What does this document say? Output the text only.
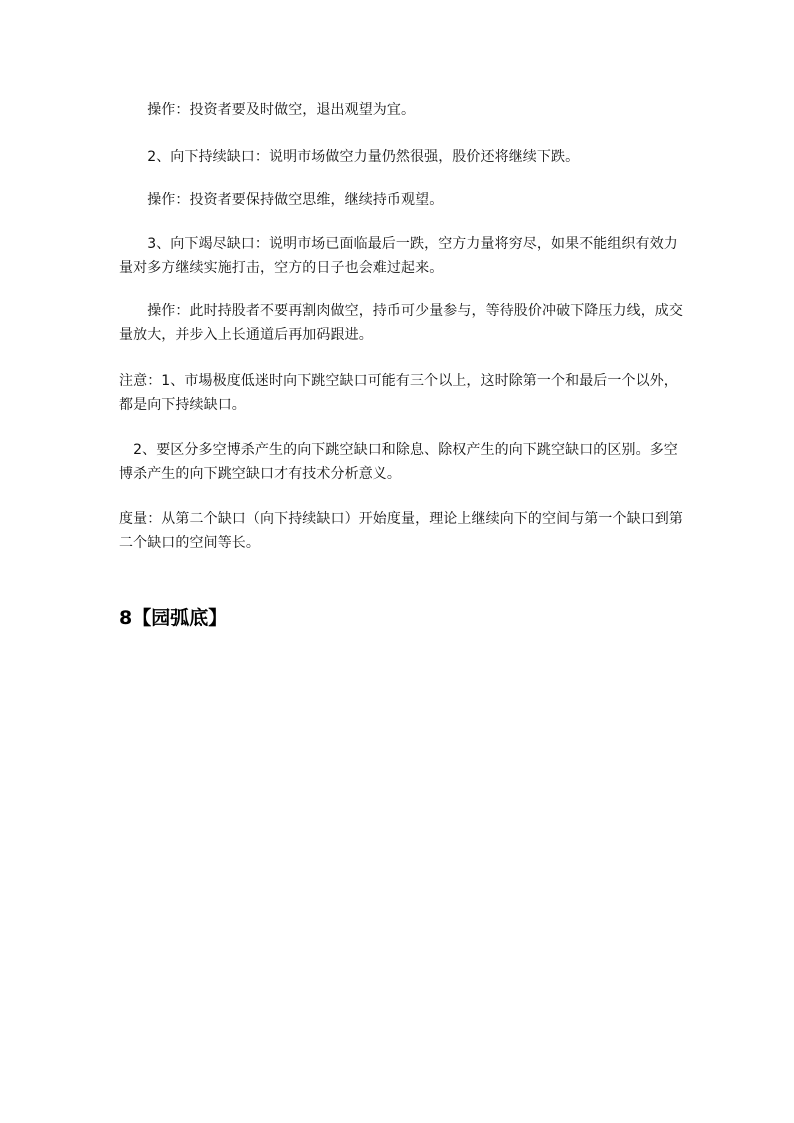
　　操作：投资者要及时做空，退出观望为宜。
　　2、向下持续缺口：说明市场做空力量仍然很强，股价还将继续下跌。
　　操作：投资者要保持做空思维，继续持币观望。
　　3、向下竭尽缺口：说明市场已面临最后一跌，空方力量将穷尽，如果不能组织有效力量对多方继续实施打击，空方的日子也会难过起来。
　　操作：此时持股者不要再割肉做空，持币可少量参与，等待股价冲破下降压力线，成交量放大，并步入上长通道后再加码跟进。
注意：1、市場极度低迷时向下跳空缺口可能有三个以上，这时除第一个和最后一个以外，都是向下持续缺口。
　2、要区分多空博杀产生的向下跳空缺口和除息、除权产生的向下跳空缺口的区别。多空博杀产生的向下跳空缺口才有技术分析意义。
度量：从第二个缺口（向下持续缺口）开始度量，理论上继续向下的空间与第一个缺口到第二个缺口的空间等长。
8【园弧底】
